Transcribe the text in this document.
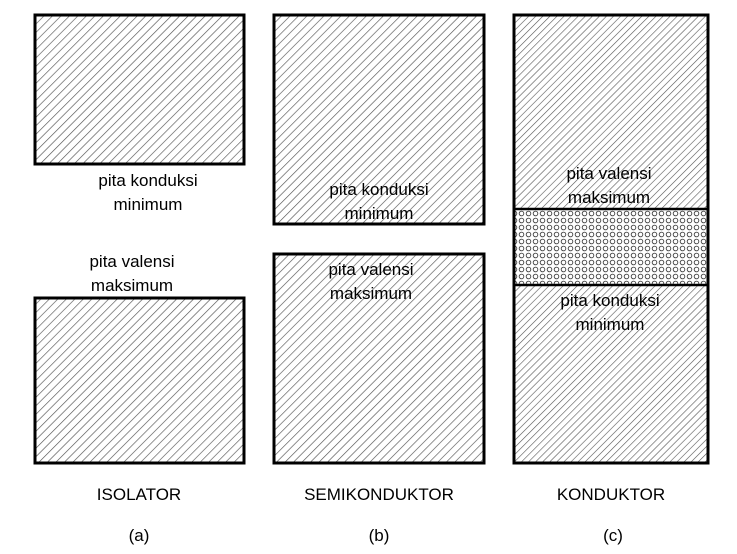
pita konduksi
minimum
pita valensi
maksimum
ISOLATOR
(a)
pita konduksi
minimum
pita valensi
maksimum
SEMIKONDUKTOR
(b)
pita valensi
maksimum
pita konduksi
minimum
KONDUKTOR
(c)
